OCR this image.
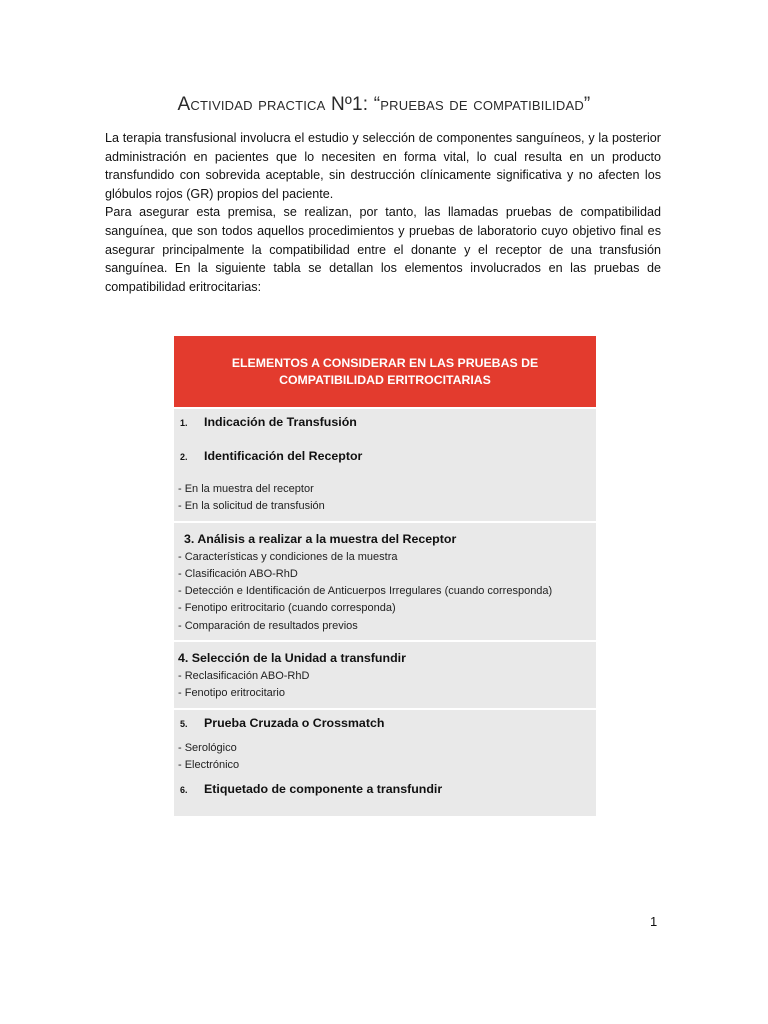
Actividad practica Nº1: “pruebas de compatibilidad”

La terapia transfusional involucra el estudio y selección de componentes sanguíneos, y la posterior administración en pacientes que lo necesiten en forma vital, lo cual resulta en un producto transfundido con sobrevida aceptable, sin destrucción clínicamente significativa y no afecten los glóbulos rojos (GR) propios del paciente.

Para asegurar esta premisa, se realizan, por tanto, las llamadas pruebas de compatibilidad sanguínea, que son todos aquellos procedimientos y pruebas de laboratorio cuyo objetivo final es asegurar principalmente la compatibilidad entre el donante y el receptor de una transfusión sanguínea. En la siguiente tabla se detallan los elementos involucrados en las pruebas de compatibilidad eritrocitarias:

ELEMENTOS A CONSIDERAR EN LAS PRUEBAS DE COMPATIBILIDAD ERITROCITARIAS
1.	Indicación de Transfusión
2.	Identificación del Receptor
- En la muestra del receptor
- En la solicitud de transfusión
3. Análisis a realizar a la muestra del Receptor
- Características y condiciones de la muestra
- Clasificación ABO-RhD
- Detección e Identificación de Anticuerpos Irregulares (cuando corresponda)
- Fenotipo eritrocitario (cuando corresponda)
- Comparación de resultados previos
4. Selección de la Unidad a transfundir
- Reclasificación ABO-RhD
- Fenotipo eritrocitario
5.	Prueba Cruzada o Crossmatch
- Serológico
- Electrónico
6.	Etiquetado de componente a transfundir
1
